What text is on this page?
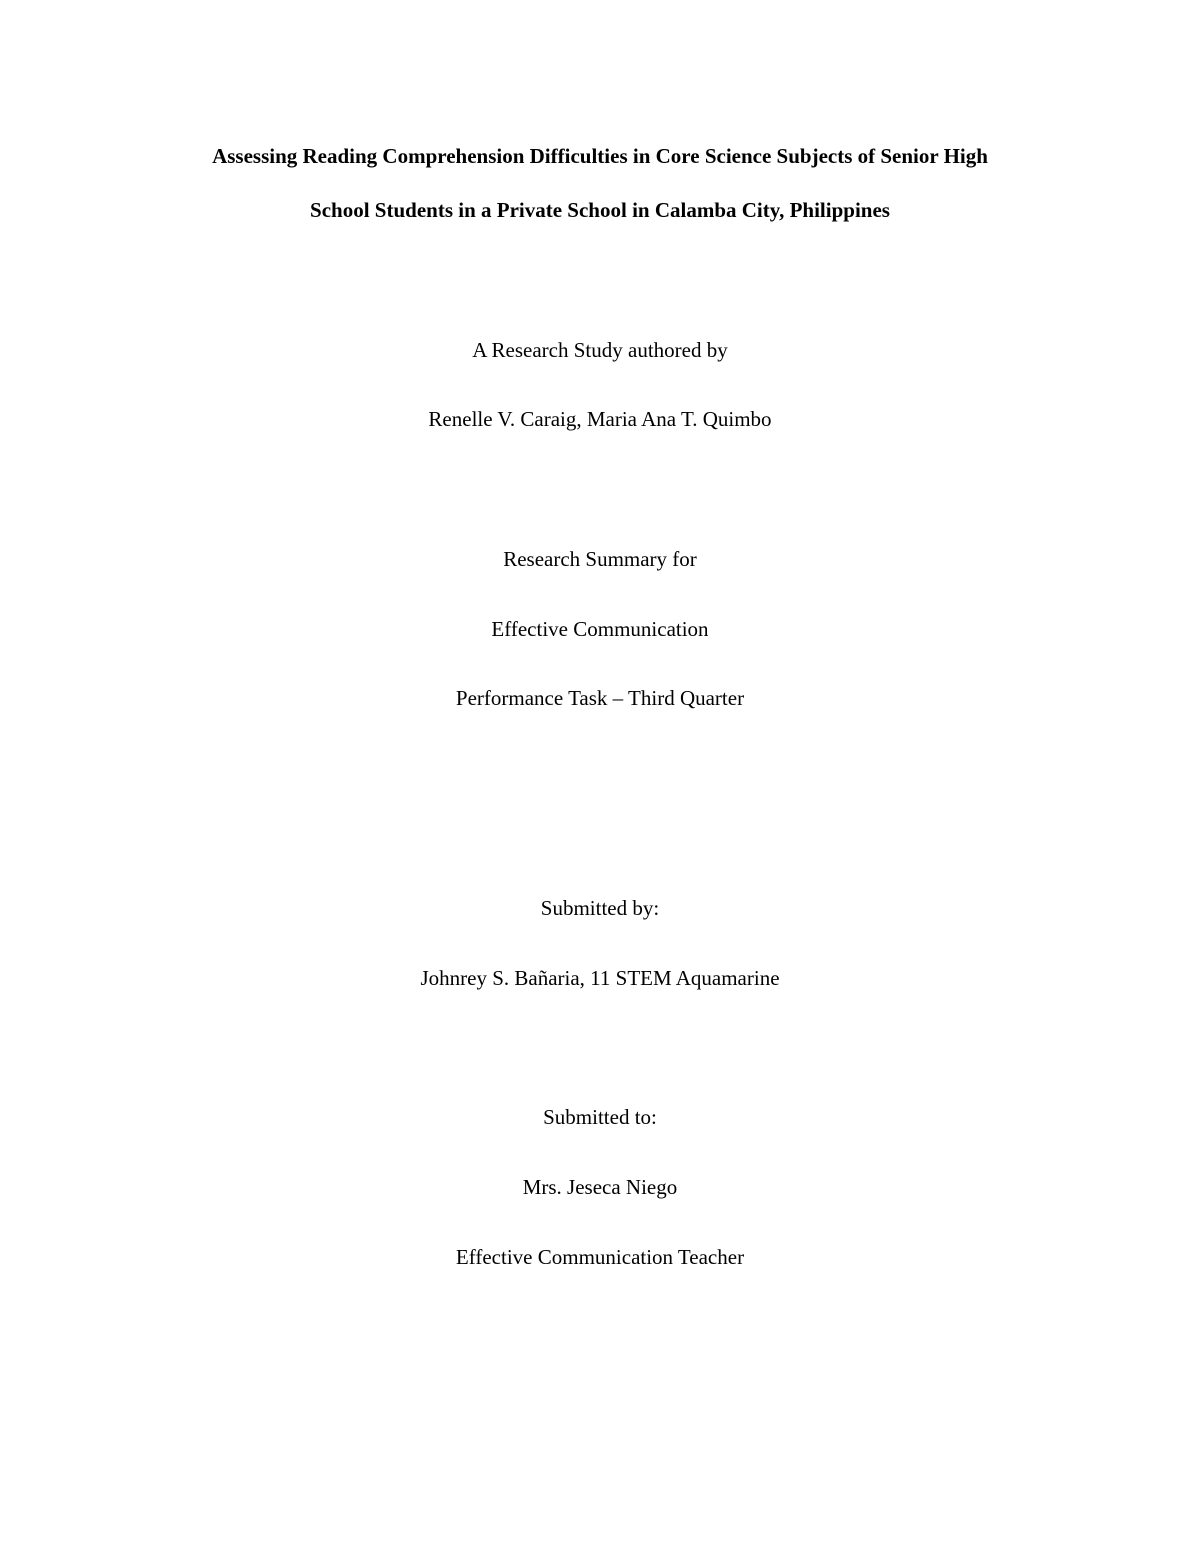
Assessing Reading Comprehension Difficulties in Core Science Subjects of Senior High
School Students in a Private School in Calamba City, Philippines
A Research Study authored by
Renelle V. Caraig, Maria Ana T. Quimbo
Research Summary for
Effective Communication
Performance Task – Third Quarter
Submitted by:
Johnrey S. Bañaria, 11 STEM Aquamarine
Submitted to:
Mrs. Jeseca Niego
Effective Communication Teacher
